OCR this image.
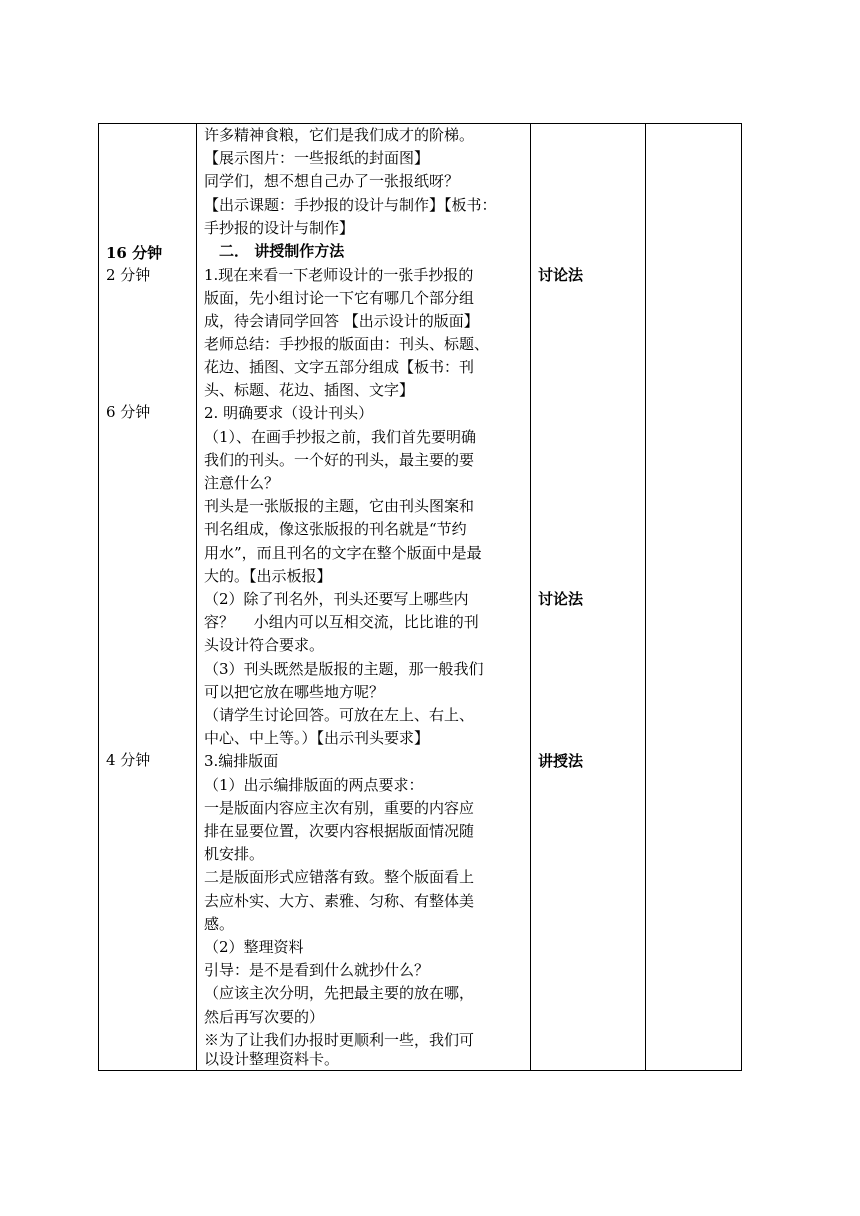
16 分钟
2 分钟
6 分钟
4 分钟
许多精神食粮，它们是我们成才的阶梯。
【展示图片：一些报纸的封面图】
同学们，想不想自己办了一张报纸呀？
【出示课题：手抄报的设计与制作】【板书：
手抄报的设计与制作】
　二． 讲授制作方法
1.现在来看一下老师设计的一张手抄报的
版面，先小组讨论一下它有哪几个部分组
成，待会请同学回答 【出示设计的版面】
老师总结：手抄报的版面由：刊头、标题、
花边、插图、文字五部分组成【板书：刊
头、标题、花边、插图、文字】
2. 明确要求（设计刊头）
（1）、在画手抄报之前，我们首先要明确
我们的刊头。一个好的刊头，最主要的要
注意什么？
刊头是一张版报的主题，它由刊头图案和
刊名组成，像这张版报的刊名就是“节约
用水”，而且刊名的文字在整个版面中是最
大的。【出示板报】
（2）除了刊名外，刊头还要写上哪些内
容？　 小组内可以互相交流，比比谁的刊
头设计符合要求。
（3）刊头既然是版报的主题，那一般我们
可以把它放在哪些地方呢？
（请学生讨论回答。可放在左上、右上、
中心、中上等。）【出示刊头要求】
3.编排版面
（1）出示编排版面的两点要求：
一是版面内容应主次有别，重要的内容应
排在显要位置，次要内容根据版面情况随
机安排。
二是版面形式应错落有致。整个版面看上
去应朴实、大方、素雅、匀称、有整体美
感。
（2）整理资料
引导：是不是看到什么就抄什么？
（应该主次分明，先把最主要的放在哪，
然后再写次要的）
※为了让我们办报时更顺利一些，我们可
以设计整理资料卡。
讨论法
讨论法
讲授法
